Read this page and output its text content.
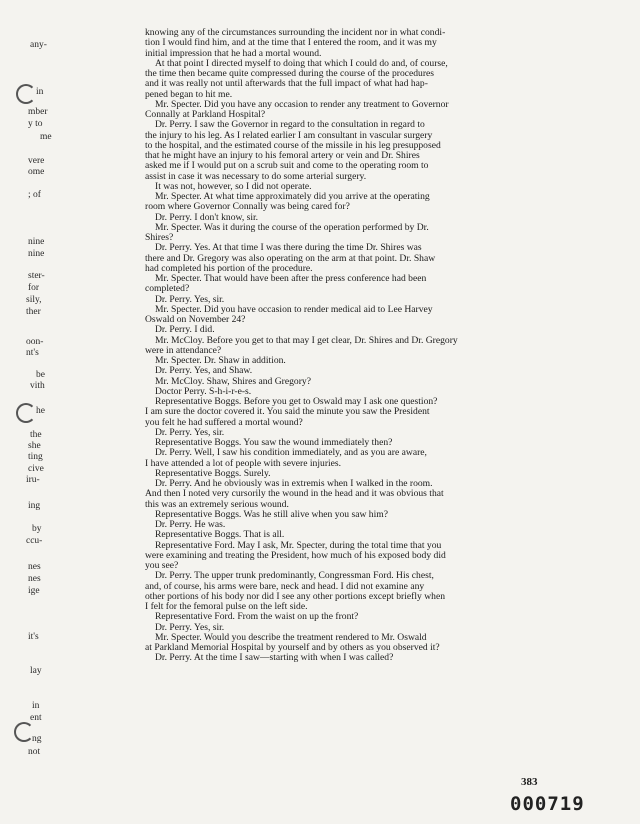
any-
in
mber
y to
me
vere
ome
; of
nine
nine
ster-
for
sily,
ther
oon-
nt's
be
vith
he
the
she
ting
cive
iru-
ing
by
ccu-
nes
nes
ige
it's
lay
in
ent
ng
not
knowing any of the circumstances surrounding the incident nor in what condi-
tion I would find him, and at the time that I entered the room, and it was my
initial impression that he had a mortal wound.
At that point I directed myself to doing that which I could do and, of course,
the time then became quite compressed during the course of the procedures
and it was really not until afterwards that the full impact of what had hap-
pened began to hit me.
Mr. Specter. Did you have any occasion to render any treatment to Governor
Connally at Parkland Hospital?
Dr. Perry. I saw the Governor in regard to the consultation in regard to
the injury to his leg. As I related earlier I am consultant in vascular surgery
to the hospital, and the estimated course of the missile in his leg presupposed
that he might have an injury to his femoral artery or vein and Dr. Shires
asked me if I would put on a scrub suit and come to the operating room to
assist in case it was necessary to do some arterial surgery.
It was not, however, so I did not operate.
Mr. Specter. At what time approximately did you arrive at the operating
room where Governor Connally was being cared for?
Dr. Perry. I don't know, sir.
Mr. Specter. Was it during the course of the operation performed by Dr.
Shires?
Dr. Perry. Yes. At that time I was there during the time Dr. Shires was
there and Dr. Gregory was also operating on the arm at that point. Dr. Shaw
had completed his portion of the procedure.
Mr. Specter. That would have been after the press conference had been
completed?
Dr. Perry. Yes, sir.
Mr. Specter. Did you have occasion to render medical aid to Lee Harvey
Oswald on November 24?
Dr. Perry. I did.
Mr. McCloy. Before you get to that may I get clear, Dr. Shires and Dr. Gregory
were in attendance?
Mr. Specter. Dr. Shaw in addition.
Dr. Perry. Yes, and Shaw.
Mr. McCloy. Shaw, Shires and Gregory?
Doctor Perry. S-h-i-r-e-s.
Representative Boggs. Before you get to Oswald may I ask one question?
I am sure the doctor covered it. You said the minute you saw the President
you felt he had suffered a mortal wound?
Dr. Perry. Yes, sir.
Representative Boggs. You saw the wound immediately then?
Dr. Perry. Well, I saw his condition immediately, and as you are aware,
I have attended a lot of people with severe injuries.
Representative Boggs. Surely.
Dr. Perry. And he obviously was in extremis when I walked in the room.
And then I noted very cursorily the wound in the head and it was obvious that
this was an extremely serious wound.
Representative Boggs. Was he still alive when you saw him?
Dr. Perry. He was.
Representative Boggs. That is all.
Representative Ford. May I ask, Mr. Specter, during the total time that you
were examining and treating the President, how much of his exposed body did
you see?
Dr. Perry. The upper trunk predominantly, Congressman Ford. His chest,
and, of course, his arms were bare, neck and head. I did not examine any
other portions of his body nor did I see any other portions except briefly when
I felt for the femoral pulse on the left side.
Representative Ford. From the waist on up the front?
Dr. Perry. Yes, sir.
Mr. Specter. Would you describe the treatment rendered to Mr. Oswald
at Parkland Memorial Hospital by yourself and by others as you observed it?
Dr. Perry. At the time I saw—starting with when I was called?
383
000719
